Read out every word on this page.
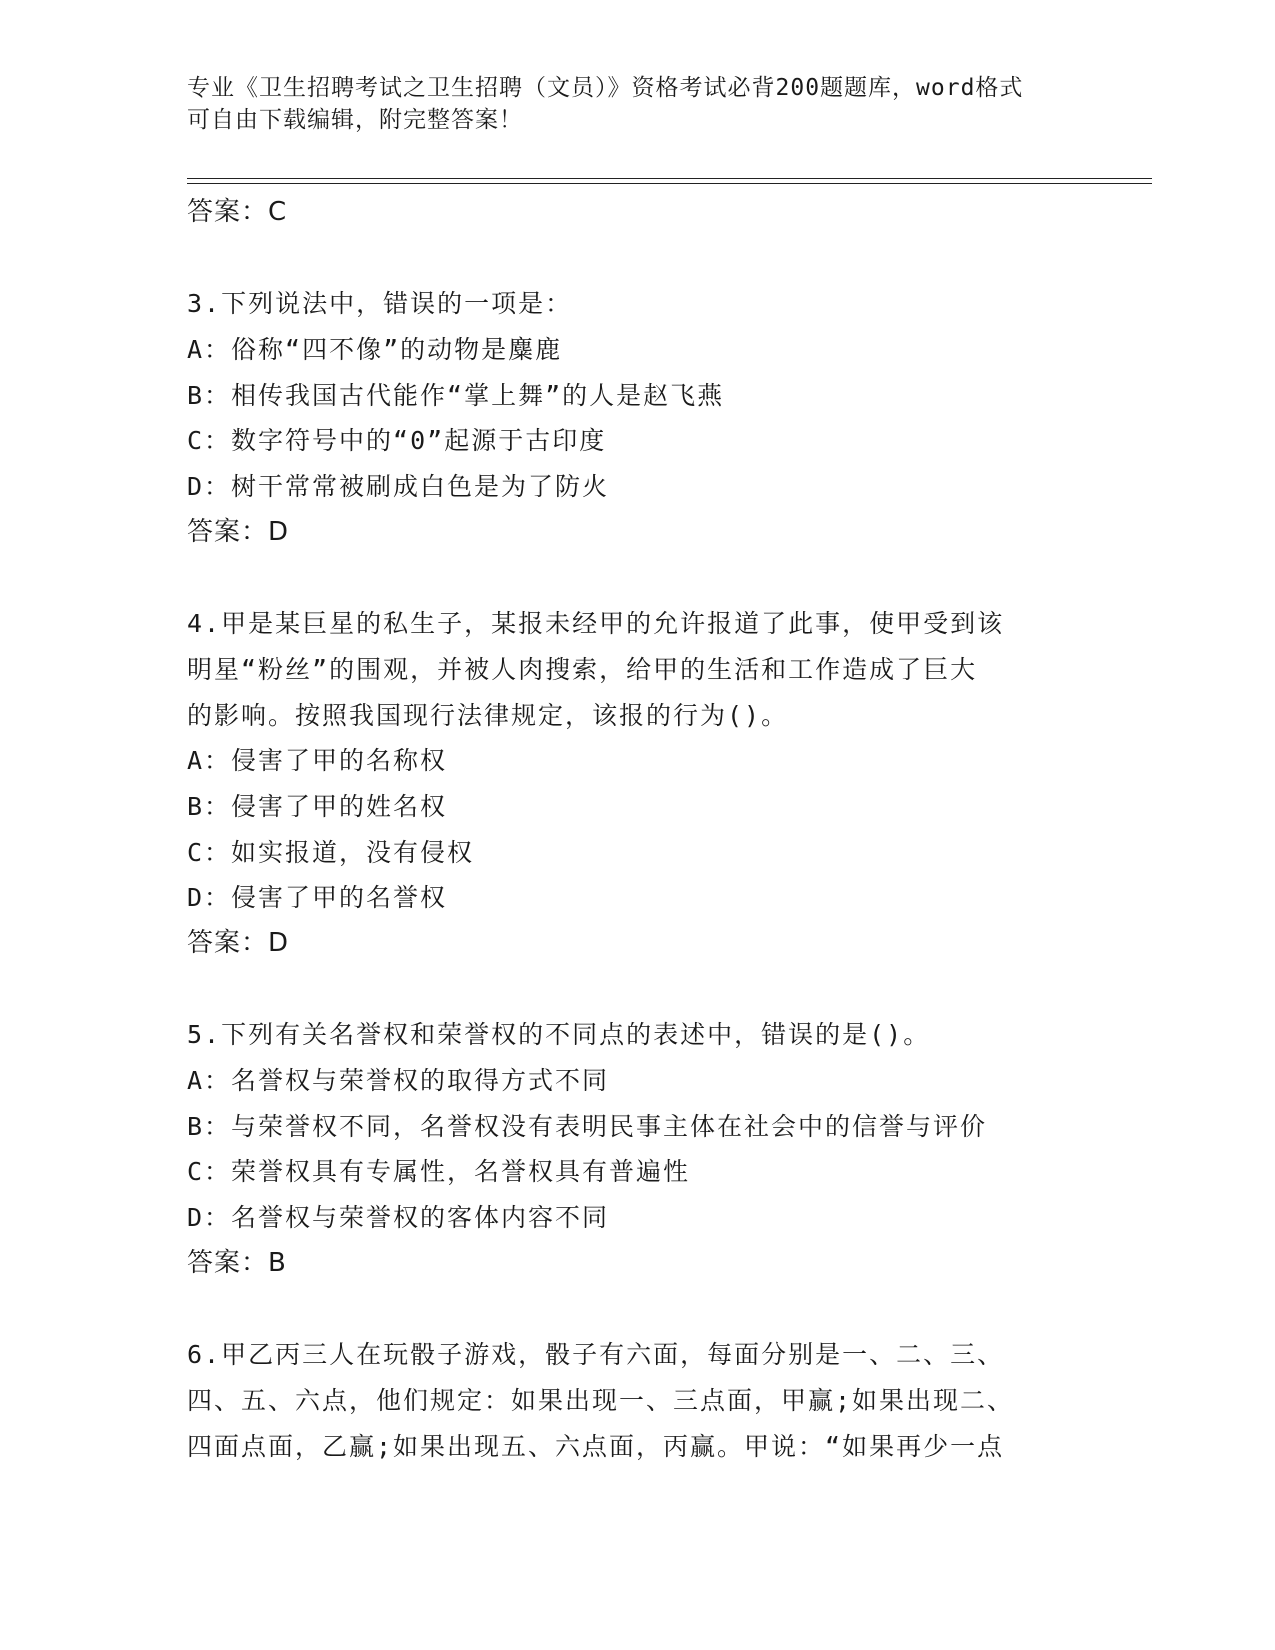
专业《卫生招聘考试之卫生招聘（文员）》资格考试必背200题题库，word格式
可自由下载编辑，附完整答案！
答案：C
3.下列说法中，错误的一项是：
A：俗称“四不像”的动物是麋鹿
B：相传我国古代能作“掌上舞”的人是赵飞燕
C：数字符号中的“0”起源于古印度
D：树干常常被刷成白色是为了防火
答案：D
4.甲是某巨星的私生子，某报未经甲的允许报道了此事，使甲受到该
明星“粉丝”的围观，并被人肉搜索，给甲的生活和工作造成了巨大
的影响。按照我国现行法律规定，该报的行为()。
A：侵害了甲的名称权
B：侵害了甲的姓名权
C：如实报道，没有侵权
D：侵害了甲的名誉权
答案：D
5.下列有关名誉权和荣誉权的不同点的表述中，错误的是()。
A：名誉权与荣誉权的取得方式不同
B：与荣誉权不同，名誉权没有表明民事主体在社会中的信誉与评价
C：荣誉权具有专属性，名誉权具有普遍性
D：名誉权与荣誉权的客体内容不同
答案：B
6.甲乙丙三人在玩骰子游戏，骰子有六面，每面分别是一、二、三、
四、五、六点，他们规定：如果出现一、三点面，甲赢;如果出现二、
四面点面，乙赢;如果出现五、六点面，丙赢。甲说：“如果再少一点
